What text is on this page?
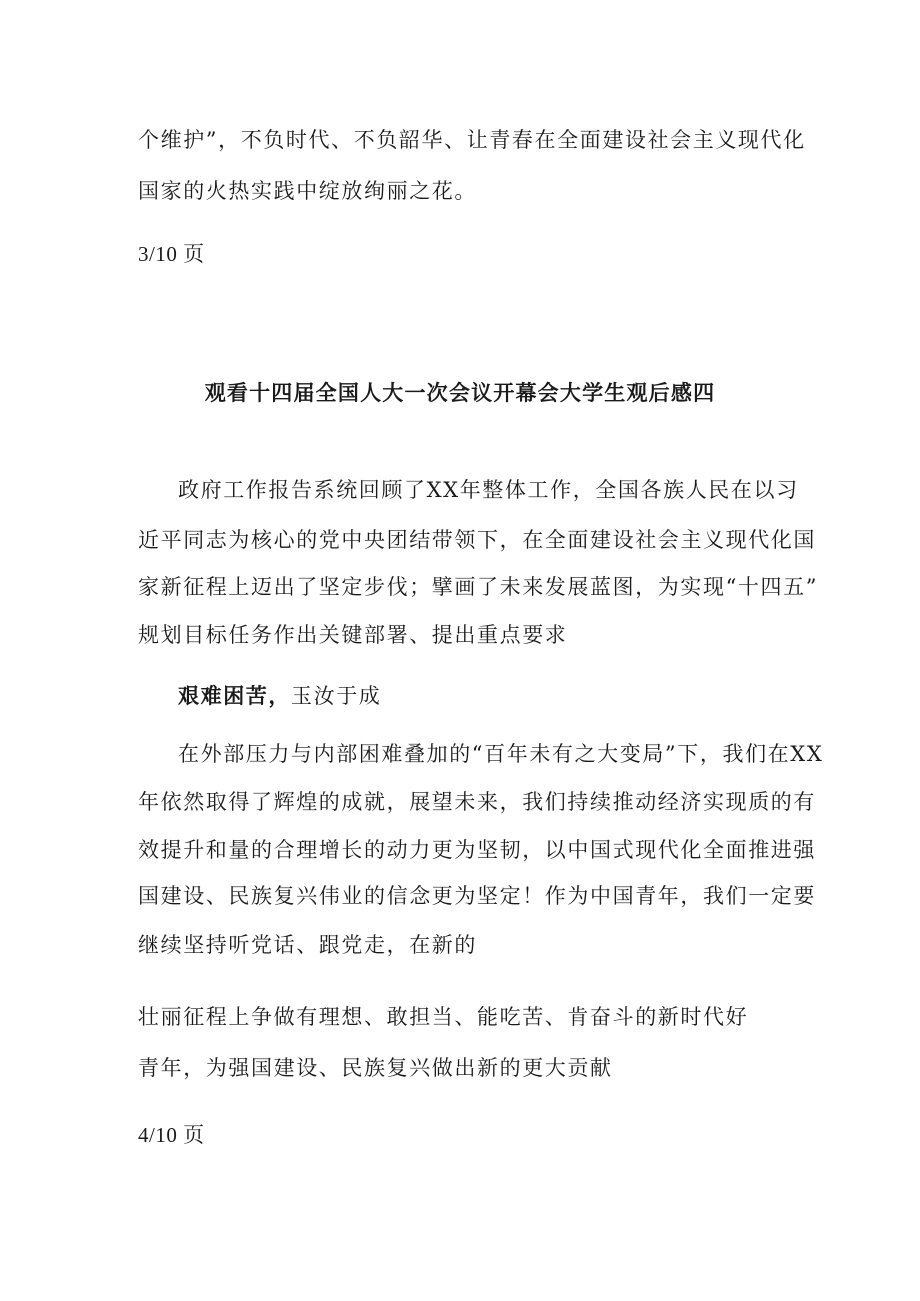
个维护”，不负时代、不负韶华、让青春在全面建设社会主义现代化
国家的火热实践中绽放绚丽之花。
3/10 页
观看十四届全国人大一次会议开幕会大学生观后感四
政府工作报告系统回顾了XX年整体工作，全国各族人民在以习
近平同志为核心的党中央团结带领下，在全面建设社会主义现代化国
家新征程上迈出了坚定步伐；擘画了未来发展蓝图，为实现“十四五”
规划目标任务作出关键部署、提出重点要求
艰难困苦，玉汝于成
在外部压力与内部困难叠加的“百年未有之大变局”下，我们在XX
年依然取得了辉煌的成就，展望未来，我们持续推动经济实现质的有
效提升和量的合理增长的动力更为坚韧，以中国式现代化全面推进强
国建设、民族复兴伟业的信念更为坚定！作为中国青年，我们一定要
继续坚持听党话、跟党走，在新的
壮丽征程上争做有理想、敢担当、能吃苦、肯奋斗的新时代好
青年，为强国建设、民族复兴做出新的更大贡献
4/10 页
